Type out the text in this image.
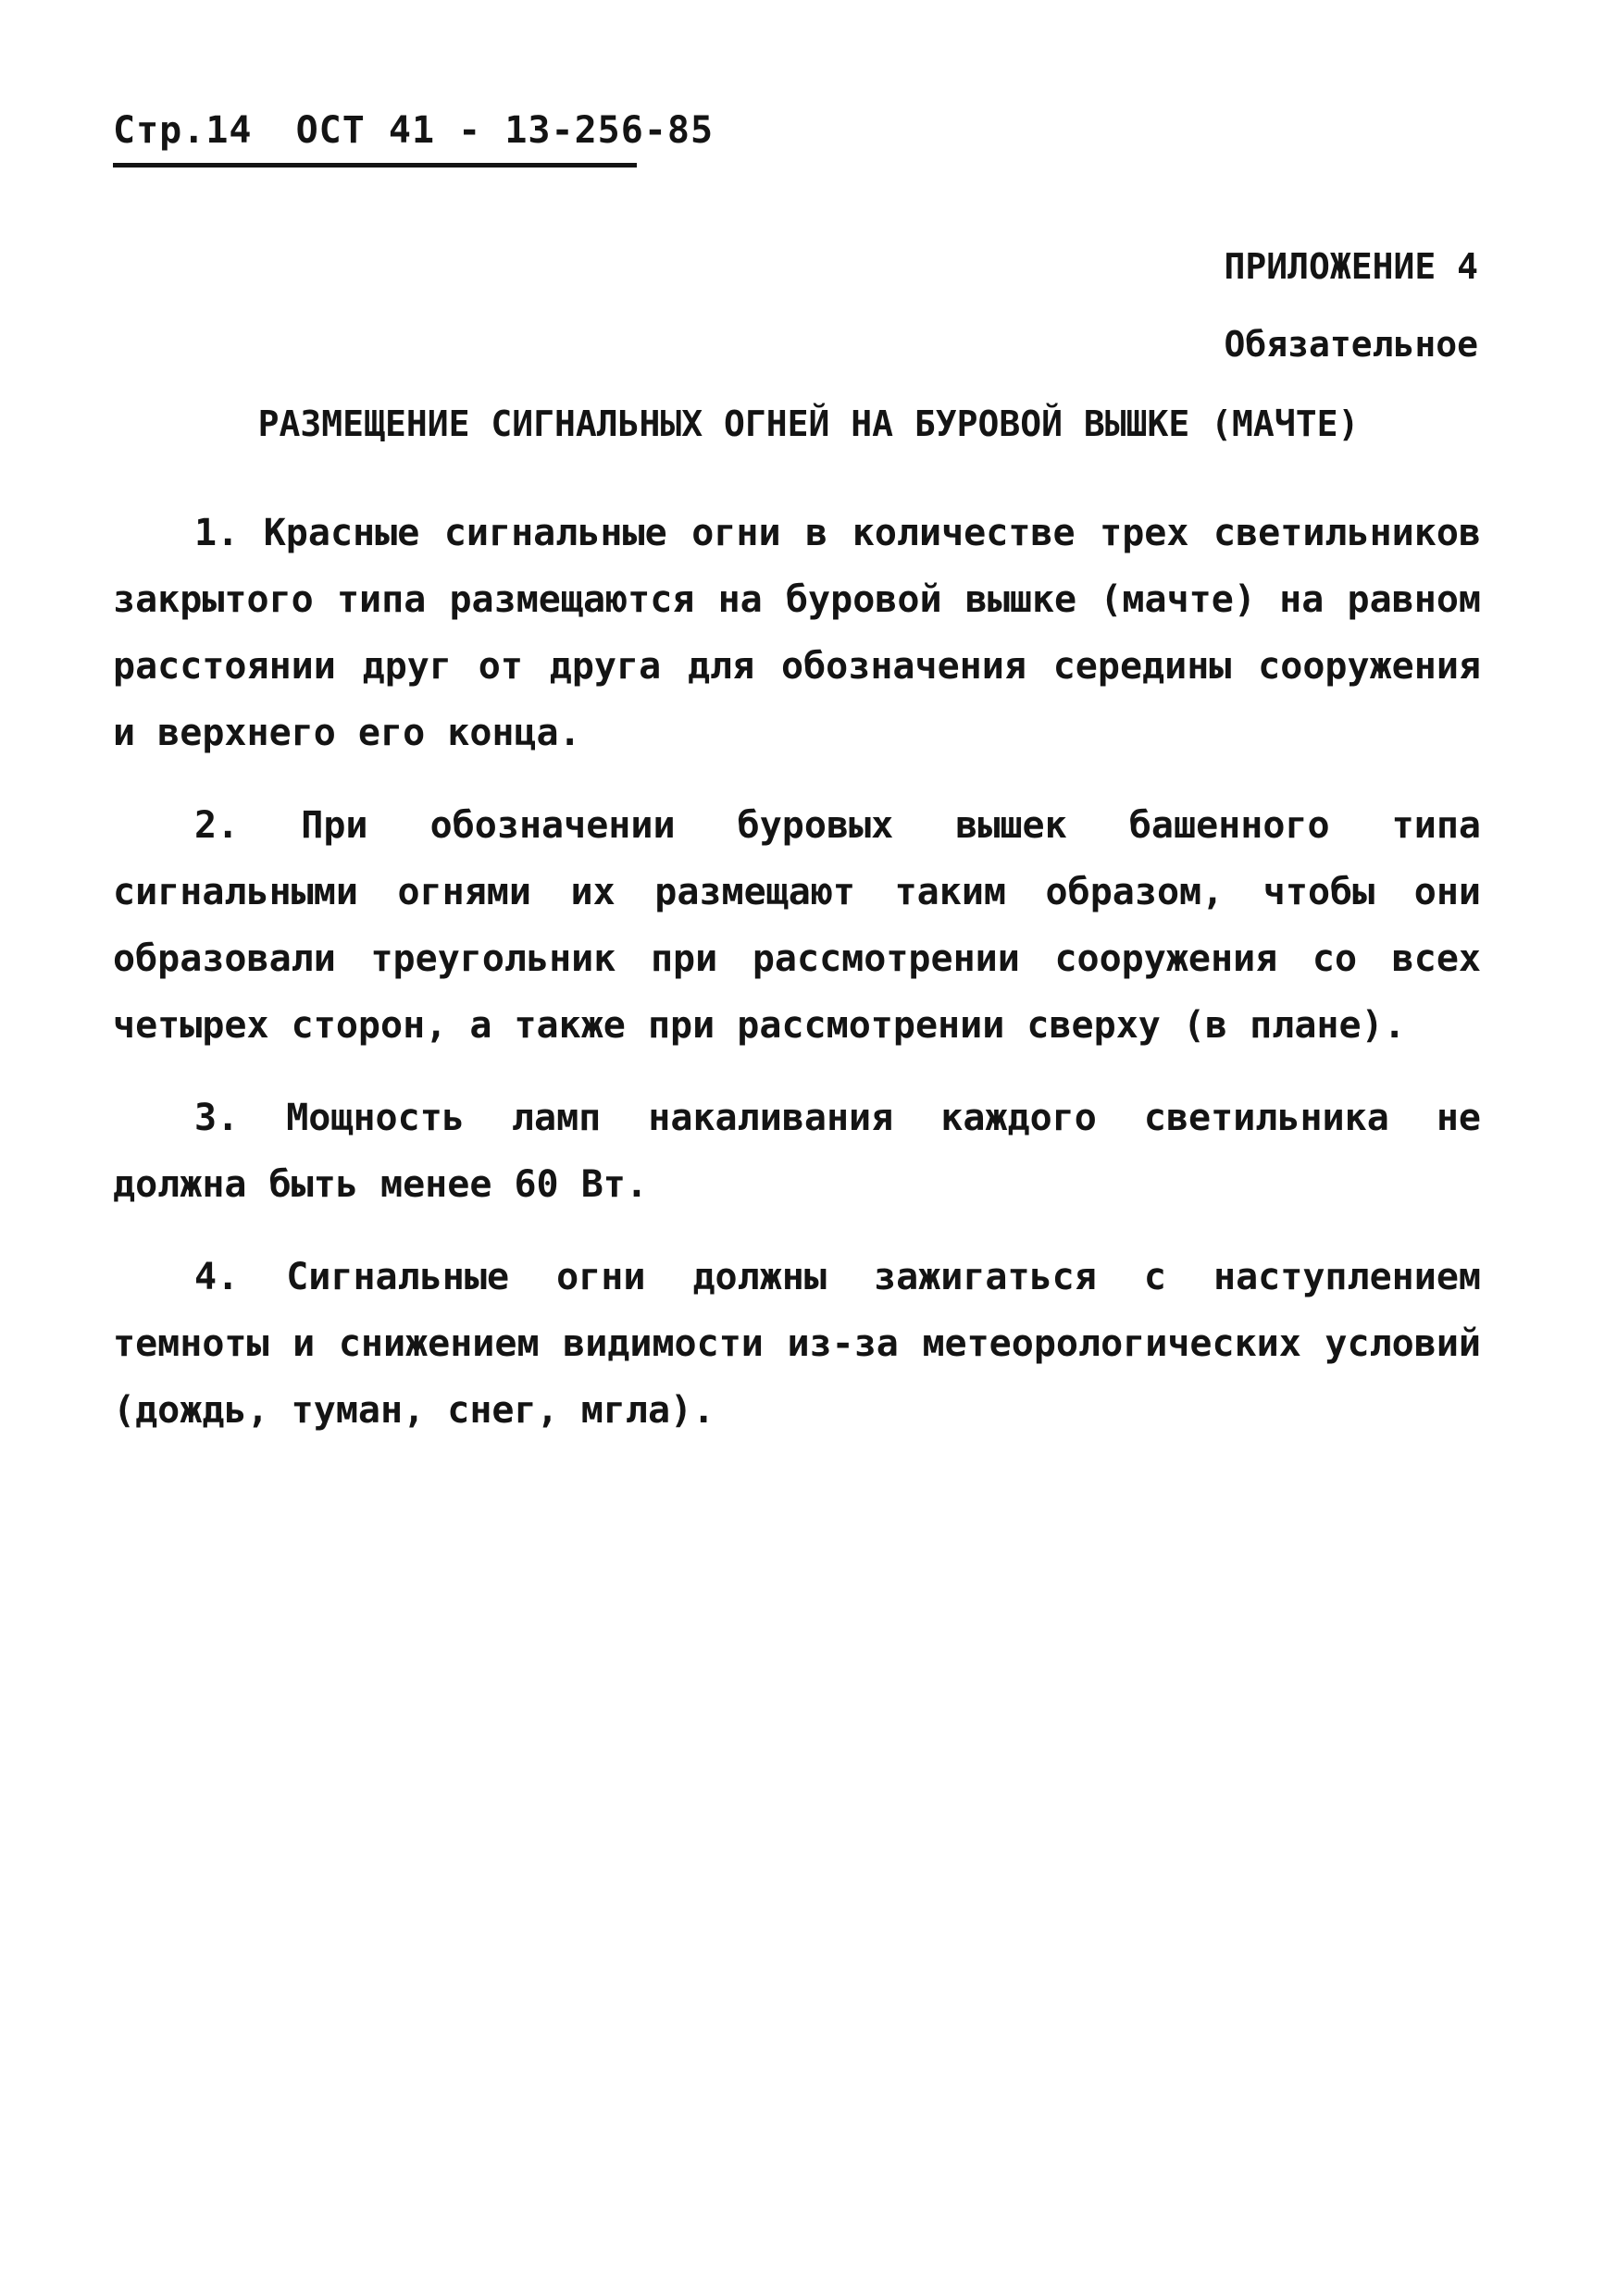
Стр.14 ОСТ 41 - 13-256-85
ПРИЛОЖЕНИЕ 4
Обязательное
РАЗМЕЩЕНИЕ СИГНАЛЬНЫХ ОГНЕЙ НА БУРОВОЙ ВЫШКЕ (МАЧТЕ)

1. Красные сигнальные огни в количестве трех светильников закрытого типа размещаются на буровой вышке (мачте) на равном расстоянии друг от друга для обозначения середины сооружения и верхнего его конца.

2. При обозначении буровых вышек башенного типа сигнальными огнями их размещают таким образом, чтобы они образовали треугольник при рассмотрении сооружения со всех четырех сторон, а также при рассмотрении сверху (в плане).

3. Мощность ламп накаливания каждого светильника не должна быть менее 60 Вт.

4. Сигнальные огни должны зажигаться с наступлением темноты и снижением видимости из-за метеорологических условий (дождь, туман, снег, мгла).
